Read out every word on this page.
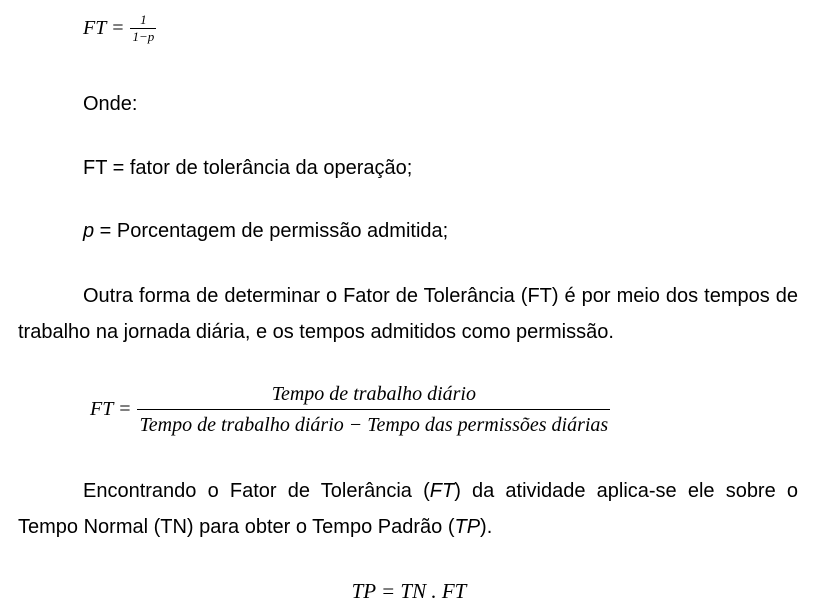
FT = $\frac{1}{1-p}$
Onde:
FT = fator de tolerância da operação;
p = Porcentagem de permissão admitida;
Outra forma de determinar o Fator de Tolerância (FT) é por meio dos tempos de trabalho na jornada diária, e os tempos admitidos como permissão.
FT = $\frac{\text{Tempo de trabalho diário}}{\text{Tempo de trabalho diário − Tempo das permissões diárias}}$
Encontrando o Fator de Tolerância (FT) da atividade aplica-se ele sobre o Tempo Normal (TN) para obter o Tempo Padrão (TP).
TP = TN . FT
